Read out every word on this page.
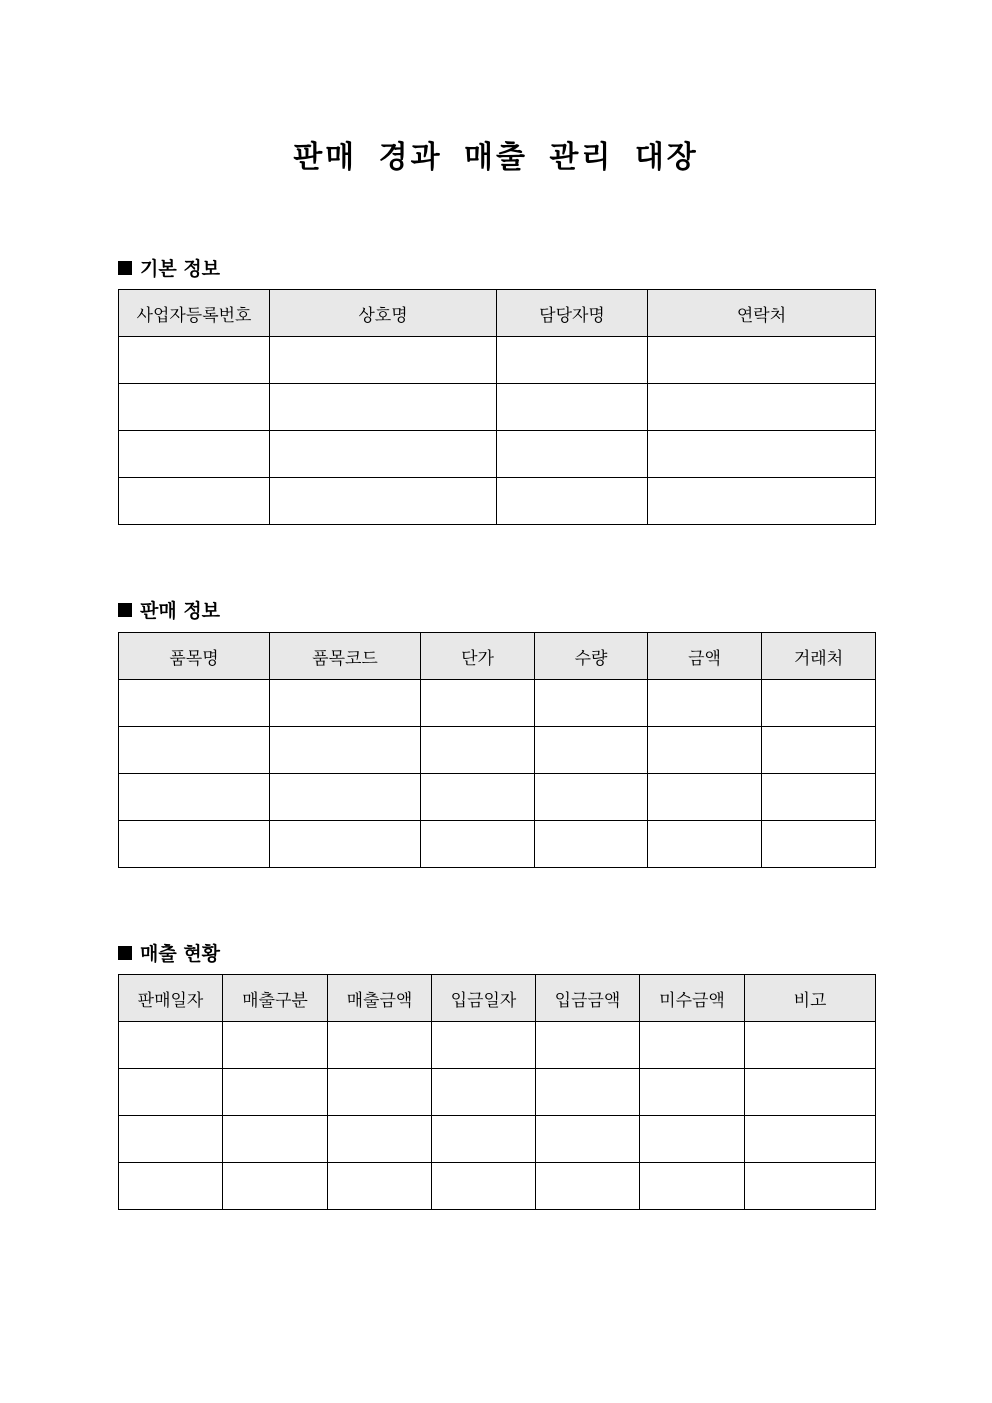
판매 경과 매출 관리 대장
기본 정보
사업자등록번호	상호명	담당자명	연락처

판매 정보
품목명	품목코드	단가	수량	금액	거래처

매출 현황
판매일자	매출구분	매출금액	입금일자	입금금액	미수금액	비고
